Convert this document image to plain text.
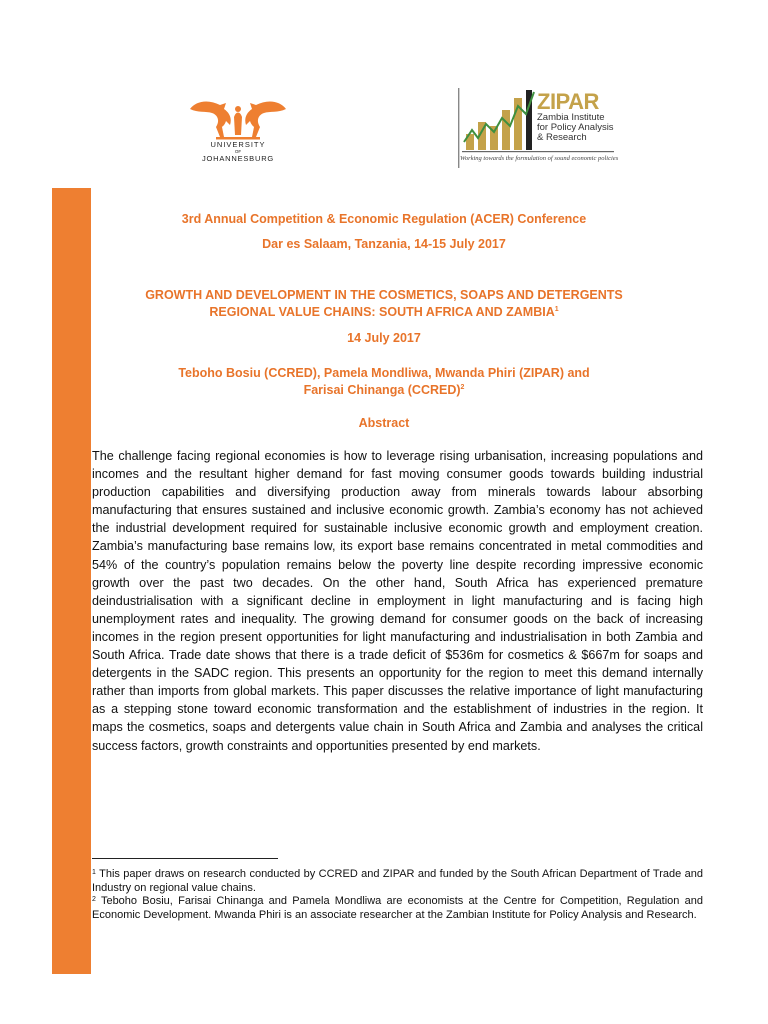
UNIVERSITY
OF
JOHANNESBURG
ZIPAR
Zambia Institute for Policy Analysis & Research
Working towards the formulation of sound economic policies
3rd Annual Competition & Economic Regulation (ACER) Conference
Dar es Salaam, Tanzania, 14-15 July 2017
GROWTH AND DEVELOPMENT IN THE COSMETICS, SOAPS AND DETERGENTS
REGIONAL VALUE CHAINS: SOUTH AFRICA AND ZAMBIA$^1$
14 July 2017
Teboho Bosiu (CCRED), Pamela Mondliwa, Mwanda Phiri (ZIPAR) and
Farisai Chinanga (CCRED)$^2$
Abstract

The challenge facing regional economies is how to leverage rising urbanisation, increasing populations and incomes and the resultant higher demand for fast moving consumer goods towards building industrial production capabilities and diversifying production away from minerals towards labour absorbing manufacturing that ensures sustained and inclusive economic growth. Zambia’s economy has not achieved the industrial development required for sustainable inclusive economic growth and employment creation. Zambia’s manufacturing base remains low, its export base remains concentrated in metal commodities and 54% of the country’s population remains below the poverty line despite recording impressive economic growth over the past two decades. On the other hand, South Africa has experienced premature deindustrialisation with a significant decline in employment in light manufacturing and is facing high unemployment rates and inequality. The growing demand for consumer goods on the back of increasing incomes in the region present opportunities for light manufacturing and industrialisation in both Zambia and South Africa. Trade date shows that there is a trade deficit of $536m for cosmetics & $667m for soaps and detergents in the SADC region. This presents an opportunity for the region to meet this demand internally rather than imports from global markets. This paper discusses the relative importance of light manufacturing as a stepping stone toward economic transformation and the establishment of industries in the region. It maps the cosmetics, soaps and detergents value chain in South Africa and Zambia and analyses the critical success factors, growth constraints and opportunities presented by end markets.

$^1$ This paper draws on research conducted by CCRED and ZIPAR and funded by the South African Department of Trade and Industry on regional value chains.
$^2$ Teboho Bosiu, Farisai Chinanga and Pamela Mondliwa are economists at the Centre for Competition, Regulation and Economic Development. Mwanda Phiri is an associate researcher at the Zambian Institute for Policy Analysis and Research.
